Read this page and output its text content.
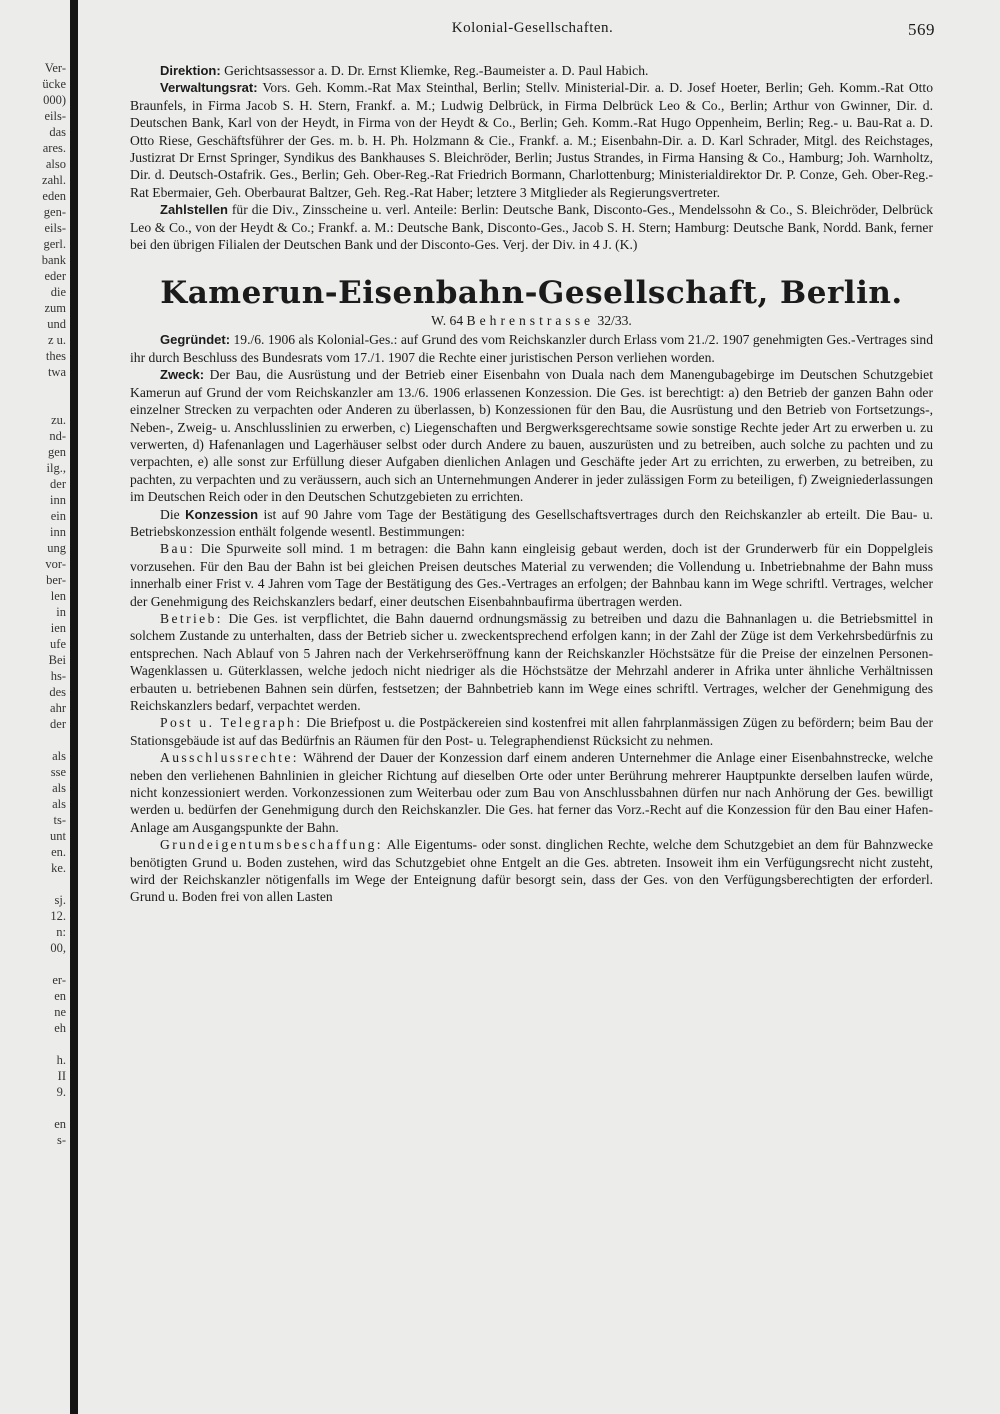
Ver-
ücke
000)
eils-
das
ares.
also
zahl.
eden
gen-
eils-
gerl.
bank
eder
die
zum
und
z u.
thes
twa
zu.
nd-
gen
ilg.,
der
inn
ein
inn
ung
vor-
ber-
len
in
ien
ufe
Bei
hs-
des
ahr
der
als
sse
als
als
ts-
unt
en.
ke.
sj.
12.
n:
00,
er-
en
ne
eh
h.
II
9.
en
s-
Kolonial-Gesellschaften.	569

Direktion: Gerichtsassessor a. D. Dr. Ernst Kliemke, Reg.-Baumeister a. D. Paul Habich.

Verwaltungsrat: Vors. Geh. Komm.-Rat Max Steinthal, Berlin; Stellv. Ministerial-Dir. a. D. Josef Hoeter, Berlin; Geh. Komm.-Rat Otto Braunfels, in Firma Jacob S. H. Stern, Frankf. a. M.; Ludwig Delbrück, in Firma Delbrück Leo & Co., Berlin; Arthur von Gwinner, Dir. d. Deutschen Bank, Karl von der Heydt, in Firma von der Heydt & Co., Berlin; Geh. Komm.-Rat Hugo Oppenheim, Berlin; Reg.- u. Bau-Rat a. D. Otto Riese, Geschäftsführer der Ges. m. b. H. Ph. Holzmann & Cie., Frankf. a. M.; Eisenbahn-Dir. a. D. Karl Schrader, Mitgl. des Reichstages, Justizrat Dr Ernst Springer, Syndikus des Bankhauses S. Bleichröder, Berlin; Justus Strandes, in Firma Hansing & Co., Hamburg; Joh. Warnholtz, Dir. d. Deutsch-Ostafrik. Ges., Berlin; Geh. Ober-Reg.-Rat Friedrich Bormann, Charlottenburg; Ministerialdirektor Dr. P. Conze, Geh. Ober-Reg.-Rat Ebermaier, Geh. Oberbaurat Baltzer, Geh. Reg.-Rat Haber; letztere 3 Mitglieder als Regierungsvertreter.

Zahlstellen für die Div., Zinsscheine u. verl. Anteile: Berlin: Deutsche Bank, Disconto-Ges., Mendelssohn & Co., S. Bleichröder, Delbrück Leo & Co., von der Heydt & Co.; Frankf. a. M.: Deutsche Bank, Disconto-Ges., Jacob S. H. Stern; Hamburg: Deutsche Bank, Nordd. Bank, ferner bei den übrigen Filialen der Deutschen Bank und der Disconto-Ges. Verj. der Div. in 4 J. (K.)

Kamerun-Eisenbahn-Gesellschaft, Berlin.
W. 64 Behrenstrasse 32/33.

Gegründet: 19./6. 1906 als Kolonial-Ges.: auf Grund des vom Reichskanzler durch Erlass vom 21./2. 1907 genehmigten Ges.-Vertrages sind ihr durch Beschluss des Bundesrats vom 17./1. 1907 die Rechte einer juristischen Person verliehen worden.

Zweck: Der Bau, die Ausrüstung und der Betrieb einer Eisenbahn von Duala nach dem Manengubagebirge im Deutschen Schutzgebiet Kamerun auf Grund der vom Reichskanzler am 13./6. 1906 erlassenen Konzession. Die Ges. ist berechtigt: a) den Betrieb der ganzen Bahn oder einzelner Strecken zu verpachten oder Anderen zu überlassen, b) Konzessionen für den Bau, die Ausrüstung und den Betrieb von Fortsetzungs-, Neben-, Zweig- u. Anschlusslinien zu erwerben, c) Liegenschaften und Bergwerksgerechtsame sowie sonstige Rechte jeder Art zu erwerben u. zu verwerten, d) Hafenanlagen und Lagerhäuser selbst oder durch Andere zu bauen, auszurüsten und zu betreiben, auch solche zu pachten und zu verpachten, e) alle sonst zur Erfüllung dieser Aufgaben dienlichen Anlagen und Geschäfte jeder Art zu errichten, zu erwerben, zu betreiben, zu pachten, zu verpachten und zu veräussern, auch sich an Unternehmungen Anderer in jeder zulässigen Form zu beteiligen, f) Zweigniederlassungen im Deutschen Reich oder in den Deutschen Schutzgebieten zu errichten.

Die Konzession ist auf 90 Jahre vom Tage der Bestätigung des Gesellschaftsvertrages durch den Reichskanzler ab erteilt. Die Bau- u. Betriebskonzession enthält folgende wesentl. Bestimmungen:

Bau: Die Spurweite soll mind. 1 m betragen: die Bahn kann eingleisig gebaut werden, doch ist der Grunderwerb für ein Doppelgleis vorzusehen. Für den Bau der Bahn ist bei gleichen Preisen deutsches Material zu verwenden; die Vollendung u. Inbetriebnahme der Bahn muss innerhalb einer Frist v. 4 Jahren vom Tage der Bestätigung des Ges.-Vertrages an erfolgen; der Bahnbau kann im Wege schriftl. Vertrages, welcher der Genehmigung des Reichskanzlers bedarf, einer deutschen Eisenbahnbaufirma übertragen werden.

Betrieb: Die Ges. ist verpflichtet, die Bahn dauernd ordnungsmässig zu betreiben und dazu die Bahnanlagen u. die Betriebsmittel in solchem Zustande zu unterhalten, dass der Betrieb sicher u. zweckentsprechend erfolgen kann; in der Zahl der Züge ist dem Verkehrsbedürfnis zu entsprechen. Nach Ablauf von 5 Jahren nach der Verkehrseröffnung kann der Reichskanzler Höchstsätze für die Preise der einzelnen Personen-Wagenklassen u. Güterklassen, welche jedoch nicht niedriger als die Höchstsätze der Mehrzahl anderer in Afrika unter ähnliche Verhältnissen erbauten u. betriebenen Bahnen sein dürfen, festsetzen; der Bahnbetrieb kann im Wege eines schriftl. Vertrages, welcher der Genehmigung des Reichskanzlers bedarf, verpachtet werden.

Post u. Telegraph: Die Briefpost u. die Postpäckereien sind kostenfrei mit allen fahrplanmässigen Zügen zu befördern; beim Bau der Stationsgebäude ist auf das Bedürfnis an Räumen für den Post- u. Telegraphendienst Rücksicht zu nehmen.

Ausschlussrechte: Während der Dauer der Konzession darf einem anderen Unternehmer die Anlage einer Eisenbahnstrecke, welche neben den verliehenen Bahnlinien in gleicher Richtung auf dieselben Orte oder unter Berührung mehrerer Hauptpunkte derselben laufen würde, nicht konzessioniert werden. Vorkonzessionen zum Weiterbau oder zum Bau von Anschlussbahnen dürfen nur nach Anhörung der Ges. bewilligt werden u. bedürfen der Genehmigung durch den Reichskanzler. Die Ges. hat ferner das Vorz.-Recht auf die Konzession für den Bau einer Hafen-Anlage am Ausgangspunkte der Bahn.

Grundeigentumsbeschaffung: Alle Eigentums- oder sonst. dinglichen Rechte, welche dem Schutzgebiet an dem für Bahnzwecke benötigten Grund u. Boden zustehen, wird das Schutzgebiet ohne Entgelt an die Ges. abtreten. Insoweit ihm ein Verfügungsrecht nicht zusteht, wird der Reichskanzler nötigenfalls im Wege der Enteignung dafür besorgt sein, dass der Ges. von den Verfügungsberechtigten der erforderl. Grund u. Boden frei von allen Lasten
